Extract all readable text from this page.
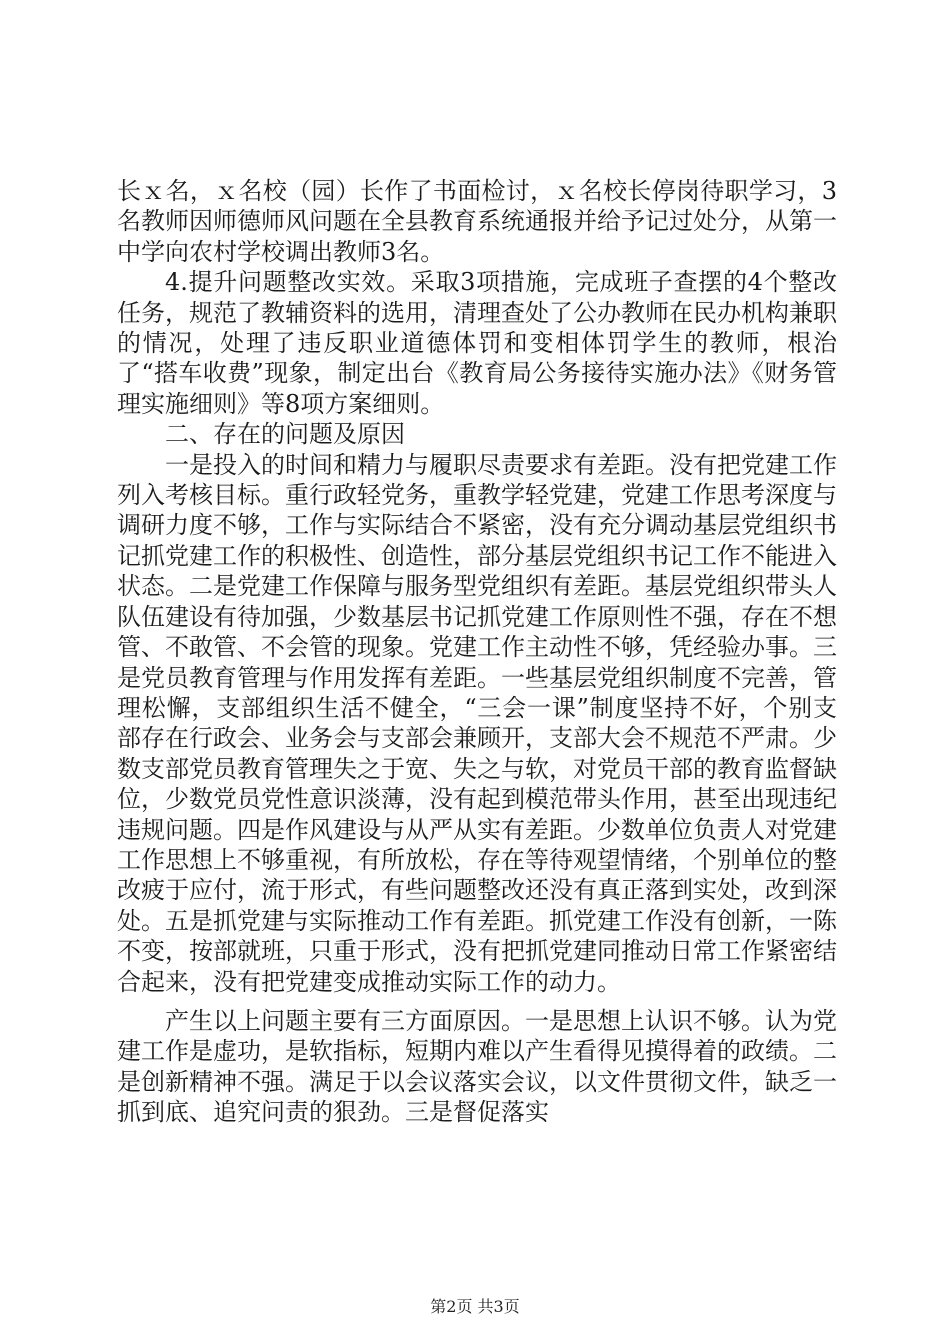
长ｘ名，ｘ名校（园）长作了书面检讨，ｘ名校长停岗待职学习，3名教师因师德师风问题在全县教育系统通报并给予记过处分，从第一中学向农村学校调出教师3名。

4.提升问题整改实效。采取3项措施，完成班子查摆的4个整改任务，规范了教辅资料的选用，清理查处了公办教师在民办机构兼职的情况，处理了违反职业道德体罚和变相体罚学生的教师，根治了“搭车收费”现象，制定出台《教育局公务接待实施办法》《财务管理实施细则》等8项方案细则。

二、存在的问题及原因

一是投入的时间和精力与履职尽责要求有差距。没有把党建工作列入考核目标。重行政轻党务，重教学轻党建，党建工作思考深度与调研力度不够，工作与实际结合不紧密，没有充分调动基层党组织书记抓党建工作的积极性、创造性，部分基层党组织书记工作不能进入状态。二是党建工作保障与服务型党组织有差距。基层党组织带头人队伍建设有待加强，少数基层书记抓党建工作原则性不强，存在不想管、不敢管、不会管的现象。党建工作主动性不够，凭经验办事。三是党员教育管理与作用发挥有差距。一些基层党组织制度不完善，管理松懈，支部组织生活不健全，“三会一课”制度坚持不好，个别支部存在行政会、业务会与支部会兼顾开，支部大会不规范不严肃。少数支部党员教育管理失之于宽、失之与软，对党员干部的教育监督缺位，少数党员党性意识淡薄，没有起到模范带头作用，甚至出现违纪违规问题。四是作风建设与从严从实有差距。少数单位负责人对党建工作思想上不够重视，有所放松，存在等待观望情绪，个别单位的整改疲于应付，流于形式，有些问题整改还没有真正落到实处，改到深处。五是抓党建与实际推动工作有差距。抓党建工作没有创新，一陈不变，按部就班，只重于形式，没有把抓党建同推动日常工作紧密结合起来，没有把党建变成推动实际工作的动力。

产生以上问题主要有三方面原因。一是思想上认识不够。认为党建工作是虚功，是软指标，短期内难以产生看得见摸得着的政绩。二是创新精神不强。满足于以会议落实会议，以文件贯彻文件，缺乏一抓到底、追究问责的狠劲。三是督促落实

第2页 共3页
